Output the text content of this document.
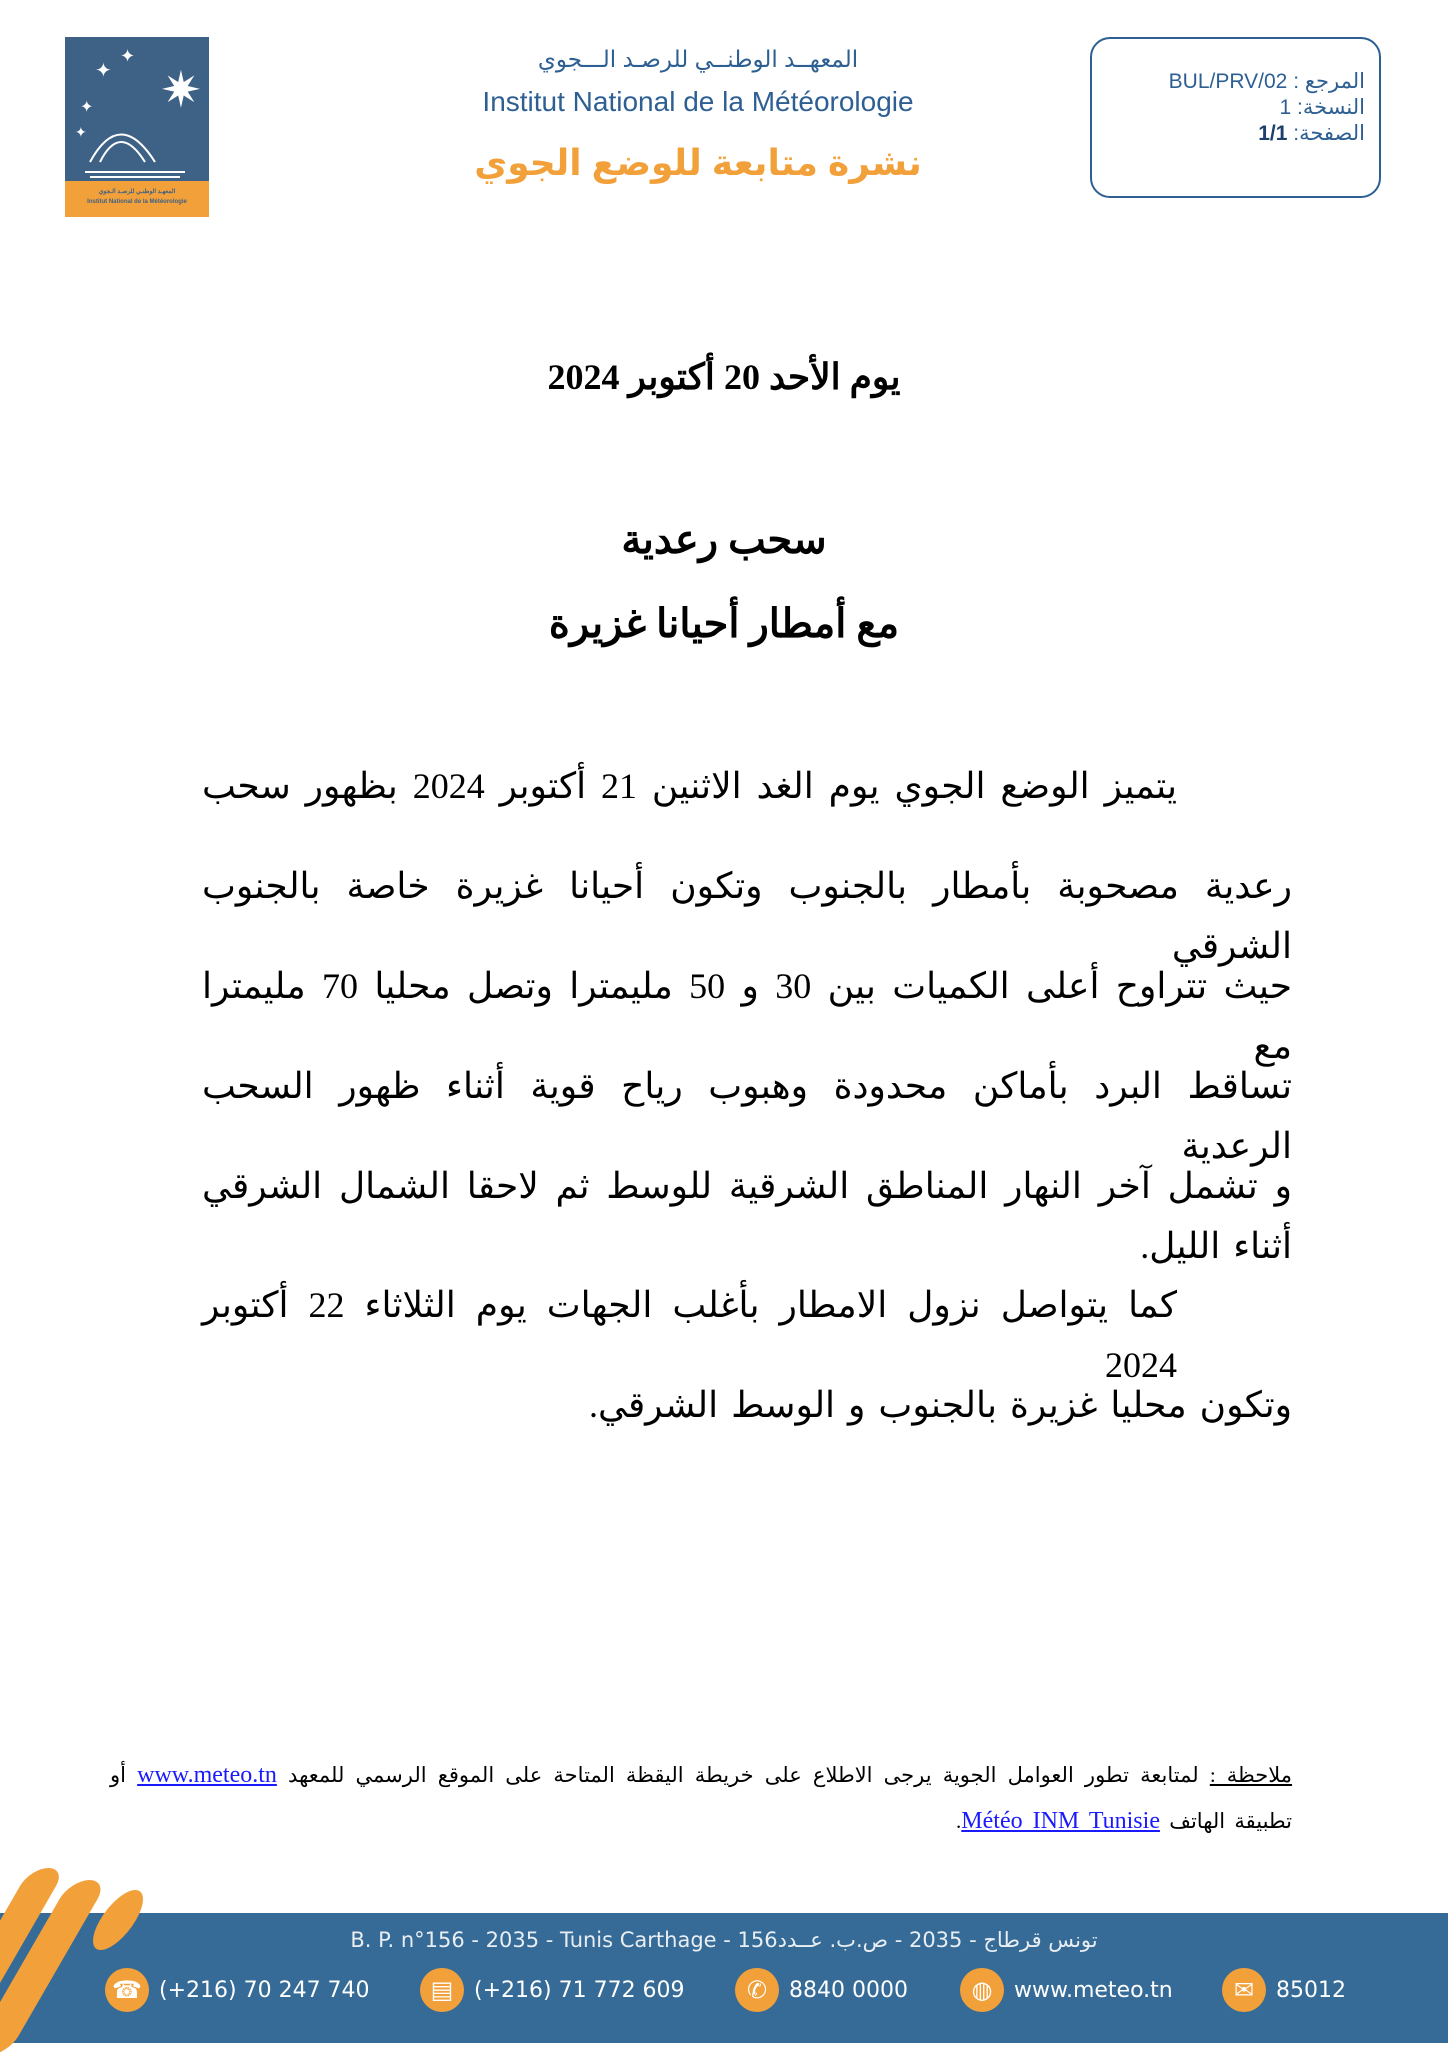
✷
✦
✦
✦
✦
المعهـد الوطنـي للرصـد الـجوي
Institut National de la Météorologie
المعهــد الوطنــي للرصـد الـــجوي
Institut National de la Météorologie
نشرة متابعة للوضع الجوي
المرجع : BUL/PRV/02
النسخة: 1
الصفحة: 1/1
يوم الأحد 20 أكتوبر 2024
سحب رعدية
مع أمطار أحيانا غزيرة
يتميز الوضع الجوي يوم الغد الاثنين 21 أكتوبر 2024 بظهور سحب
رعدية مصحوبة بأمطار بالجنوب وتكون أحيانا غزيرة خاصة بالجنوب الشرقي
حيث تتراوح أعلى الكميات بين 30 و 50 مليمترا وتصل محليا 70 مليمترا مع
تساقط البرد بأماكن محدودة وهبوب رياح قوية أثناء ظهور السحب الرعدية
و تشمل آخر النهار المناطق الشرقية للوسط ثم لاحقا الشمال الشرقي أثناء الليل.
كما يتواصل نزول الامطار بأغلب الجهات يوم الثلاثاء 22 أكتوبر 2024
وتكون محليا غزيرة بالجنوب و الوسط الشرقي.
ملاحظة : لمتابعة تطور العوامل الجوية يرجى الاطلاع على خريطة اليقظة المتاحة على الموقع الرسمي للمعهد www.meteo.tn أو
تطبيقة الهاتف Météo INM Tunisie.
B. P. n°156 - 2035 - Tunis Carthage - تونس قرطاج - 2035 - ص.ب. عــدد156
☎ (+216) 70 247 740	▤ (+216) 71 772 609	✆ 8840 0000	◍ www.meteo.tn	✉ 85012
